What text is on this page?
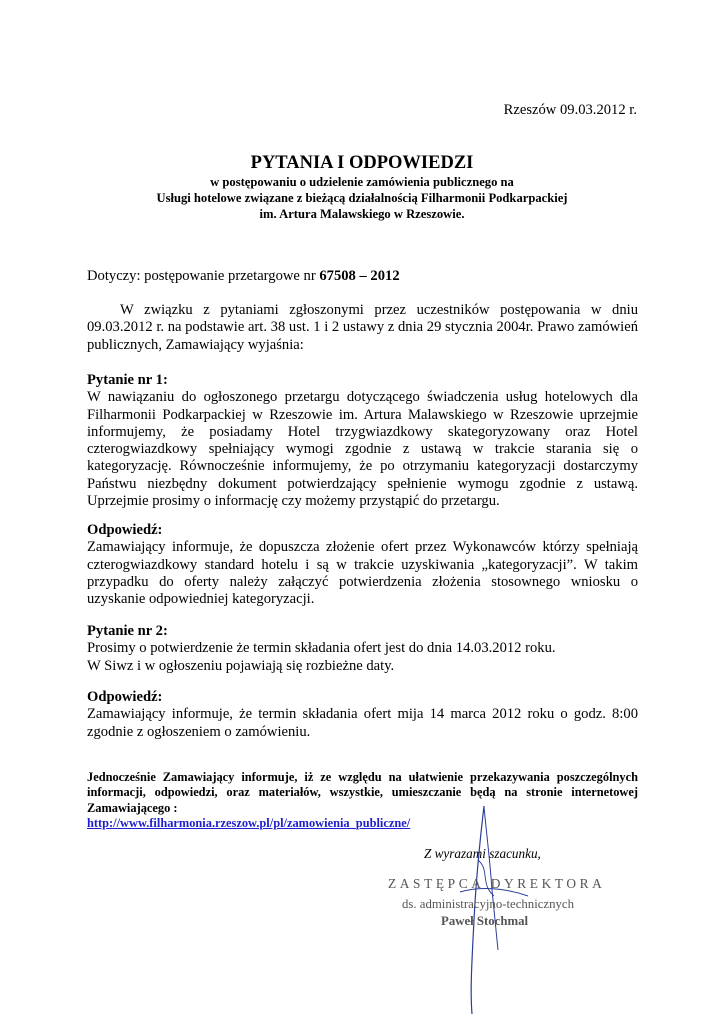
Rzeszów 09.03.2012 r.
PYTANIA I ODPOWIEDZI
w postępowaniu o udzielenie zamówienia publicznego na
Usługi hotelowe związane z bieżącą działalnością Filharmonii Podkarpackiej
im. Artura Malawskiego w Rzeszowie.
Dotyczy: postępowanie przetargowe nr 67508 – 2012
W związku z pytaniami zgłoszonymi przez uczestników postępowania w dniu 09.03.2012 r. na podstawie art. 38 ust. 1 i 2 ustawy z dnia 29 stycznia 2004r. Prawo zamówień publicznych, Zamawiający wyjaśnia:
Pytanie nr 1:
W nawiązaniu do ogłoszonego przetargu dotyczącego świadczenia usług hotelowych dla Filharmonii Podkarpackiej w Rzeszowie im. Artura Malawskiego w Rzeszowie uprzejmie informujemy, że posiadamy Hotel trzygwiazdkowy skategoryzowany oraz Hotel czterogwiazdkowy spełniający wymogi zgodnie z ustawą w trakcie starania się o kategoryzację. Równocześnie informujemy, że po otrzymaniu kategoryzacji dostarczymy Państwu niezbędny dokument potwierdzający spełnienie wymogu zgodnie z ustawą. Uprzejmie prosimy o informację czy możemy przystąpić do przetargu.
Odpowiedź:
Zamawiający informuje, że dopuszcza złożenie ofert przez Wykonawców którzy spełniają czterogwiazdkowy standard hotelu i są w trakcie uzyskiwania „kategoryzacji”. W takim przypadku do oferty należy załączyć potwierdzenia złożenia stosownego wniosku o uzyskanie odpowiedniej kategoryzacji.
Pytanie nr 2:
Prosimy o potwierdzenie że termin składania ofert jest do dnia 14.03.2012 roku.
W Siwz i w ogłoszeniu pojawiają się rozbieżne daty.
Odpowiedź:
Zamawiający informuje, że termin składania ofert mija 14 marca 2012 roku o godz. 8:00 zgodnie z ogłoszeniem o zamówieniu.
Jednocześnie Zamawiający informuje, iż ze względu na ułatwienie przekazywania poszczególnych informacji, odpowiedzi, oraz materiałów, wszystkie, umieszczanie będą na stronie internetowej Zamawiającego :
http://www.filharmonia.rzeszow.pl/pl/zamowienia_publiczne/
Z wyrazami szacunku,
ZASTĘPCA DYREKTORA
ds. administracyjno-technicznych
Paweł Stochmal
